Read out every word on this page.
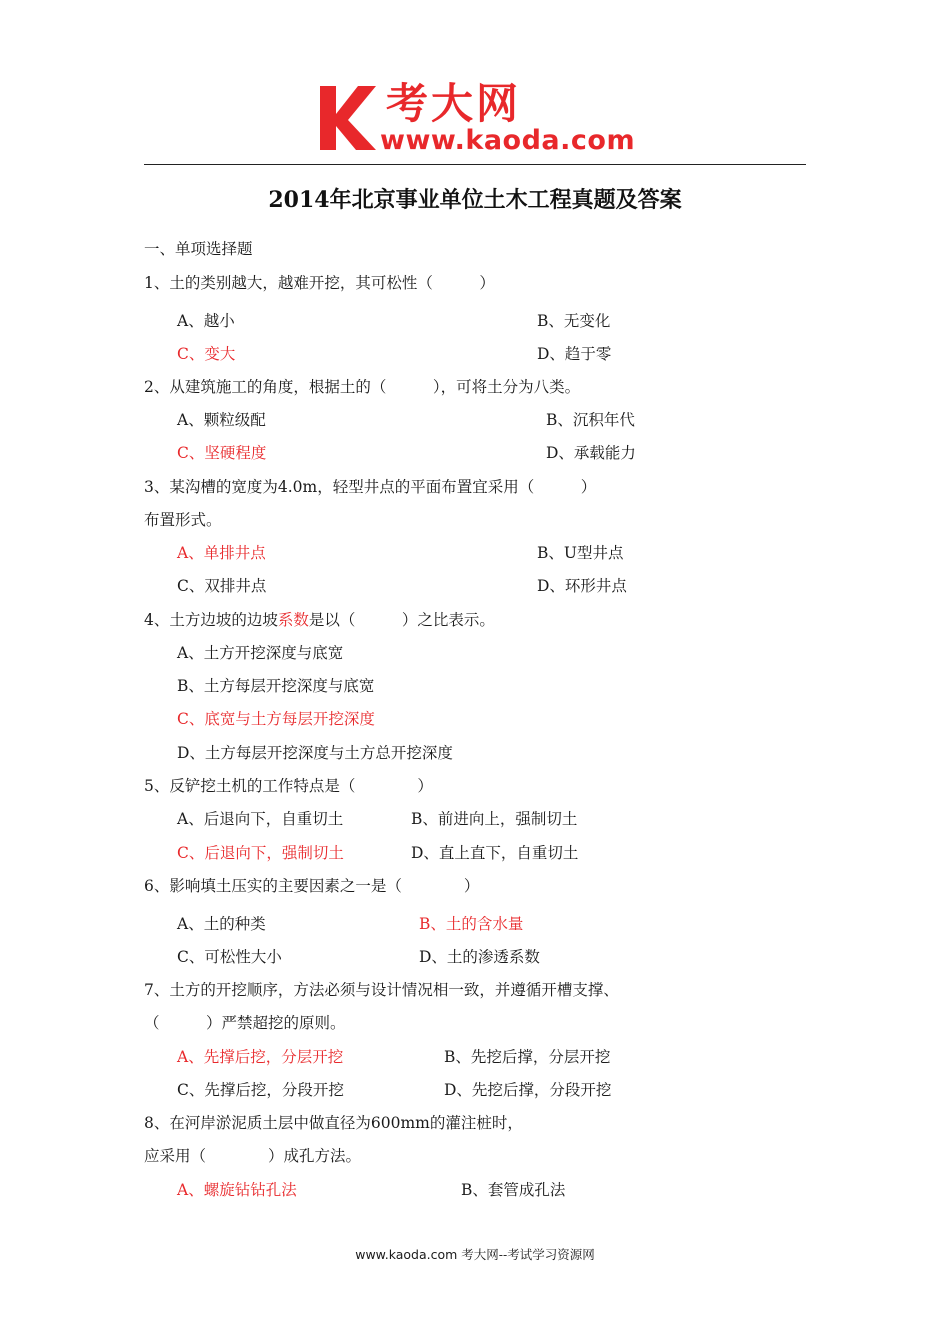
考大网
www.kaoda.com
2014年北京事业单位土木工程真题及答案
一、单项选择题
1、土的类别越大，越难开挖，其可松性（　　　）
A、越小	B、无变化
C、变大	D、趋于零
2、从建筑施工的角度，根据土的（　　　），可将土分为八类。
A、颗粒级配	B、沉积年代
C、坚硬程度	D、承载能力
3、某沟槽的宽度为4.0m，轻型井点的平面布置宜采用（　　　）
布置形式。
A、单排井点	B、U型井点
C、双排井点	D、环形井点
4、土方边坡的边坡系数是以（　　　）之比表示。
A、土方开挖深度与底宽
B、土方每层开挖深度与底宽
C、底宽与土方每层开挖深度
D、土方每层开挖深度与土方总开挖深度
5、反铲挖土机的工作特点是（　　　　）
A、后退向下，自重切土	B、前进向上，强制切土
C、后退向下，强制切土	D、直上直下，自重切土
6、影响填土压实的主要因素之一是（　　　　）
A、土的种类	B、土的含水量
C、可松性大小	D、土的渗透系数
7、土方的开挖顺序，方法必须与设计情况相一致，并遵循开槽支撑、
（　　　）严禁超挖的原则。
A、先撑后挖，分层开挖	B、先挖后撑，分层开挖
C、先撑后挖，分段开挖	D、先挖后撑，分段开挖
8、在河岸淤泥质土层中做直径为600mm的灌注桩时，
应采用（　　　　）成孔方法。
A、螺旋钻钻孔法	B、套管成孔法
www.kaoda.com 考大网--考试学习资源网
